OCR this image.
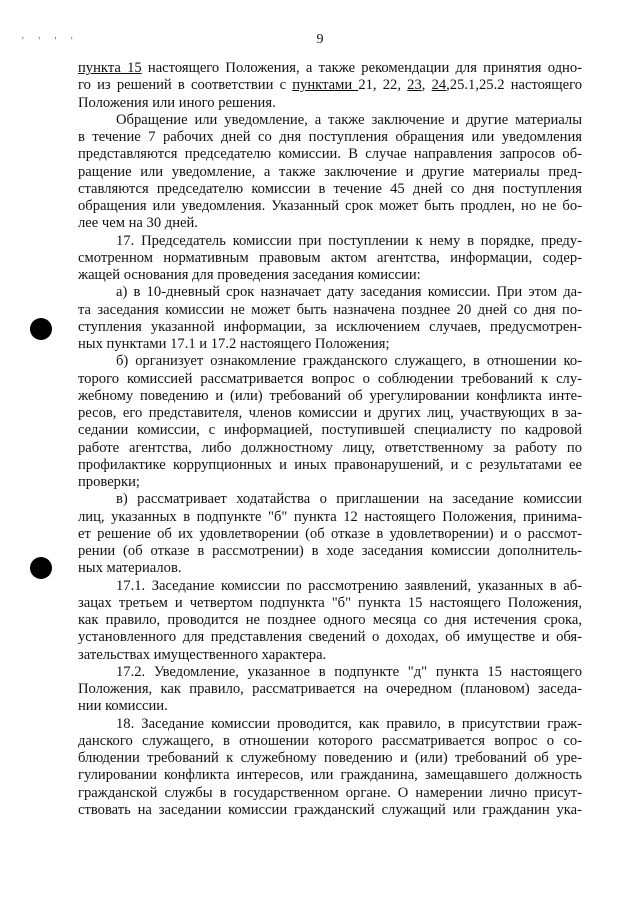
' ' ' '	9
пункта 15 настоящего Положения, а также рекомендации для принятия одно-
го из решений в соответствии с пунктами 21, 22, 23, 24,25.1,25.2 настоящего
Положения или иного решения.
Обращение или уведомление, а также заключение и другие материалы
в течение 7 рабочих дней со дня поступления обращения или уведомления
представляются председателю комиссии. В случае направления запросов об-
ращение или уведомление, а также заключение и другие материалы пред-
ставляются председателю комиссии в течение 45 дней со дня поступления
обращения или уведомления. Указанный срок может быть продлен, но не бо-
лее чем на 30 дней.
17. Председатель комиссии при поступлении к нему в порядке, преду-
смотренном нормативным правовым актом агентства, информации, содер-
жащей основания для проведения заседания комиссии:
а) в 10-дневный срок назначает дату заседания комиссии. При этом да-
та заседания комиссии не может быть назначена позднее 20 дней со дня по-
ступления указанной информации, за исключением случаев, предусмотрен-
ных пунктами 17.1 и 17.2 настоящего Положения;
б) организует ознакомление гражданского служащего, в отношении ко-
торого комиссией рассматривается вопрос о соблюдении требований к слу-
жебному поведению и (или) требований об урегулировании конфликта инте-
ресов, его представителя, членов комиссии и других лиц, участвующих в за-
седании комиссии, с информацией, поступившей специалисту по кадровой
работе агентства, либо должностному лицу, ответственному за работу по
профилактике коррупционных и иных правонарушений, и с результатами ее
проверки;
в) рассматривает ходатайства о приглашении на заседание комиссии
лиц, указанных в подпункте "б" пункта 12 настоящего Положения, принима-
ет решение об их удовлетворении (об отказе в удовлетворении) и о рассмот-
рении (об отказе в рассмотрении) в ходе заседания комиссии дополнитель-
ных материалов.
17.1. Заседание комиссии по рассмотрению заявлений, указанных в аб-
зацах третьем и четвертом подпункта "б" пункта 15 настоящего Положения,
как правило, проводится не позднее одного месяца со дня истечения срока,
установленного для представления сведений о доходах, об имуществе и обя-
зательствах имущественного характера.
17.2. Уведомление, указанное в подпункте "д" пункта 15 настоящего
Положения, как правило, рассматривается на очередном (плановом) заседа-
нии комиссии.
18. Заседание комиссии проводится, как правило, в присутствии граж-
данского служащего, в отношении которого рассматривается вопрос о со-
блюдении требований к служебному поведению и (или) требований об уре-
гулировании конфликта интересов, или гражданина, замещавшего должность
гражданской службы в государственном органе. О намерении лично присут-
ствовать на заседании комиссии гражданский служащий или гражданин ука-
